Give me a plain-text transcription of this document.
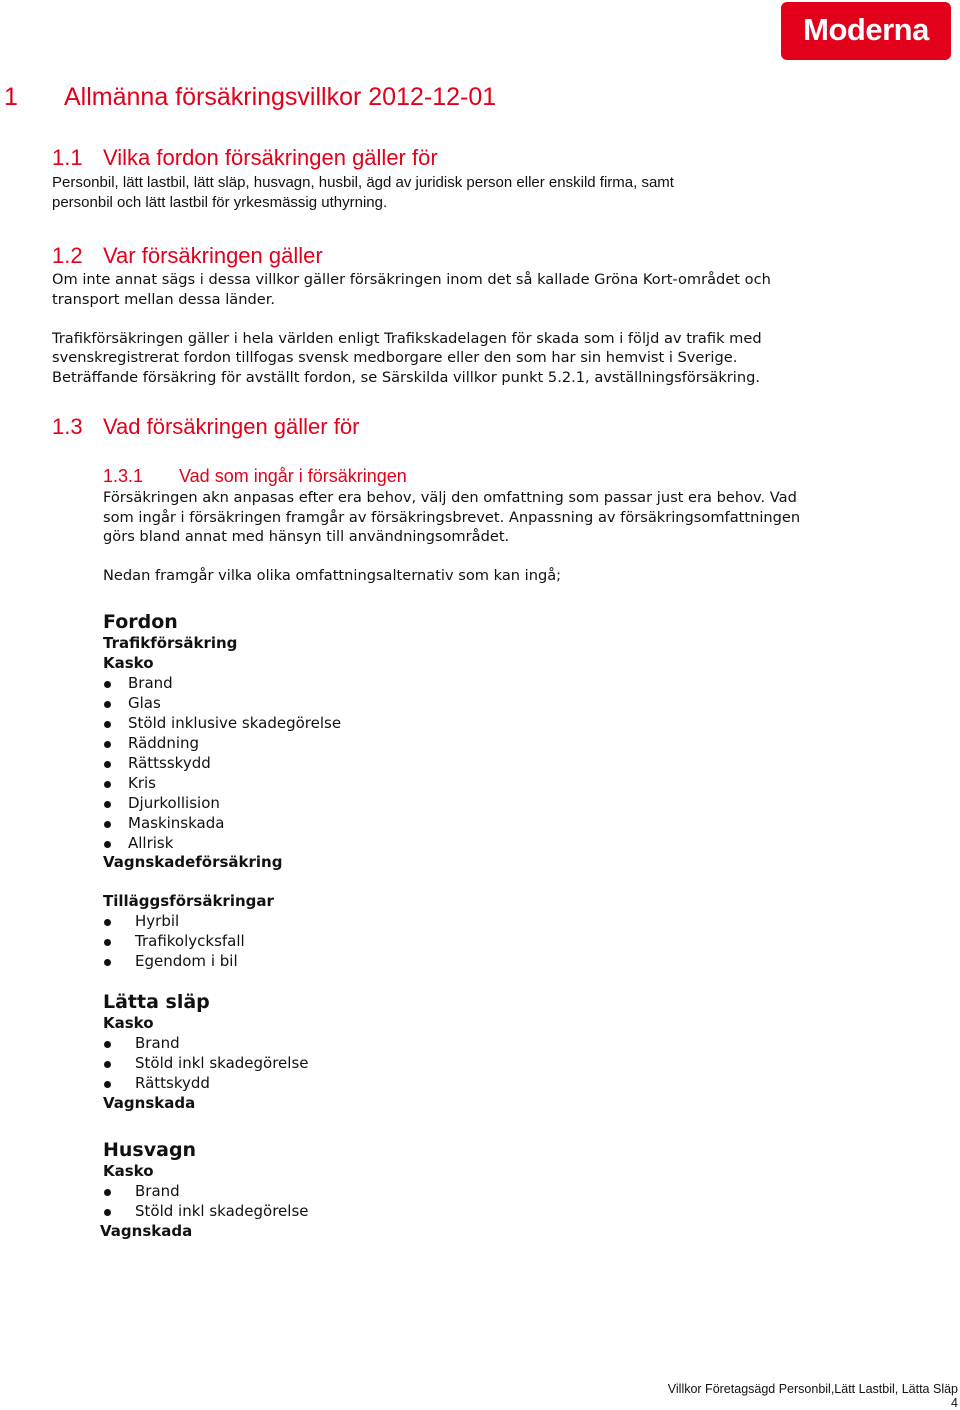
Moderna
1 Allmänna försäkringsvillkor 2012-12-01
1.1 Vilka fordon försäkringen gäller för
Personbil, lätt lastbil, lätt släp, husvagn, husbil, ägd av juridisk person eller enskild firma, samt
personbil och lätt lastbil för yrkesmässig uthyrning.
1.2 Var försäkringen gäller
Om inte annat sägs i dessa villkor gäller försäkringen inom det så kallade Gröna Kort-området och
transport mellan dessa länder.
Trafikförsäkringen gäller i hela världen enligt Trafikskadelagen för skada som i följd av trafik med
svenskregistrerat fordon tillfogas svensk medborgare eller den som har sin hemvist i Sverige.
Beträffande försäkring för avställt fordon, se Särskilda villkor punkt 5.2.1, avställningsförsäkring.
1.3 Vad försäkringen gäller för
1.3.1 Vad som ingår i försäkringen
Försäkringen akn anpasas efter era behov, välj den omfattning som passar just era behov. Vad
som ingår i försäkringen framgår av försäkringsbrevet. Anpassning av försäkringsomfattningen
görs bland annat med hänsyn till användningsområdet.
Nedan framgår vilka olika omfattningsalternativ som kan ingå;
Fordon
Trafikförsäkring
Kasko
Brand
Glas
Stöld inklusive skadegörelse
Räddning
Rättsskydd
Kris
Djurkollision
Maskinskada
Allrisk
Vagnskadeförsäkring
Tilläggsförsäkringar
Hyrbil
Trafikolycksfall
Egendom i bil
Lätta släp
Kasko
Brand
Stöld inkl skadegörelse
Rättskydd
Vagnskada
Husvagn
Kasko
Brand
Stöld inkl skadegörelse
Vagnskada
Villkor Företagsägd Personbil,Lätt Lastbil, Lätta Släp
4
